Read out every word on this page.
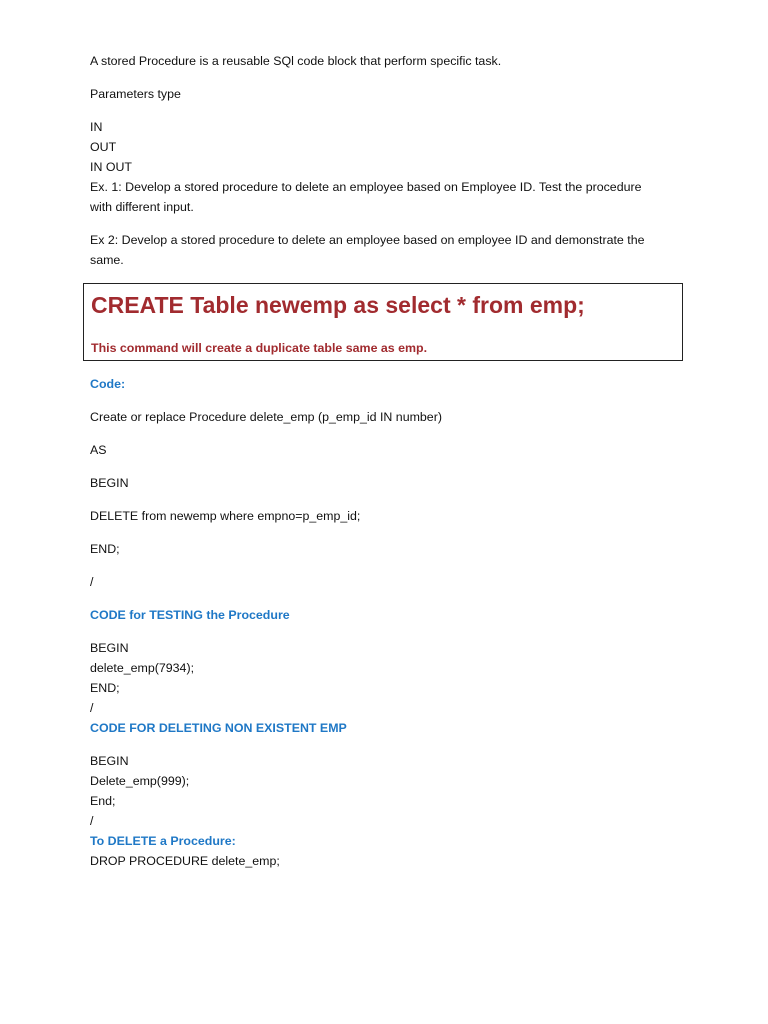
A stored Procedure is a reusable SQl code block that perform specific task.
Parameters type
IN
OUT
IN OUT
Ex. 1: Develop a stored procedure to delete an employee based on Employee ID. Test the procedure with different input.
Ex 2: Develop a stored procedure to delete an employee based on employee ID and demonstrate the same.
CREATE Table newemp as select * from emp;
This command will create a duplicate table same as emp.
Code:
Create or replace Procedure delete_emp (p_emp_id IN number)
AS
BEGIN
DELETE from newemp where empno=p_emp_id;
END;
/
CODE for TESTING the Procedure
BEGIN
delete_emp(7934);
END;
/
CODE FOR DELETING NON EXISTENT EMP
BEGIN
Delete_emp(999);
End;
/
To DELETE a Procedure:
DROP PROCEDURE delete_emp;
